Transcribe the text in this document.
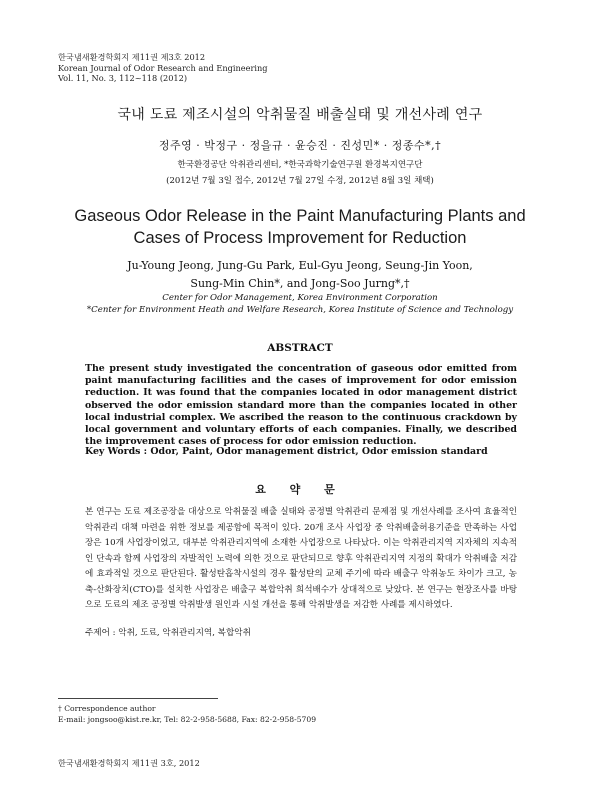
한국냄새환경학회지 제11권 제3호 2012
Korean Journal of Odor Research and Engineering
Vol. 11, No. 3, 112~118 (2012)
국내 도료 제조시설의 악취물질 배출실태 및 개선사례 연구
정주영 · 박정구 · 정을규 · 윤승진 · 진성민* · 정종수*,†
한국환경공단 악취관리센터, *한국과학기술연구원 환경복지연구단
(2012년 7월 3일 접수, 2012년 7월 27일 수정, 2012년 8월 3일 채택)
Gaseous Odor Release in the Paint Manufacturing Plants and
Cases of Process Improvement for Reduction
Ju-Young Jeong, Jung-Gu Park, Eul-Gyu Jeong, Seung-Jin Yoon,
Sung-Min Chin*, and Jong-Soo Jurng*,†
Center for Odor Management, Korea Environment Corporation
*Center for Environment Heath and Welfare Research, Korea Institute of Science and Technology
ABSTRACT
The present study investigated the concentration of gaseous odor emitted from paint manufacturing facilities and the cases of improvement for odor emission reduction. It was found that the companies located in odor management district observed the odor emission standard more than the companies located in other local industrial complex. We ascribed the reason to the continuous crackdown by local government and voluntary efforts of each companies. Finally, we described the improvement cases of process for odor emission reduction.
Key Words : Odor, Paint, Odor management district, Odor emission standard
요 약 문
본 연구는 도료 제조공장을 대상으로 악취물질 배출 실태와 공정별 악취관리 문제점 및 개선사례를 조사여 효율적인 악취관리 대책 마련을 위한 정보를 제공함에 목적이 있다. 20개 조사 사업장 중 악취배출허용기준을 만족하는 사업장은 10개 사업장이었고, 대부분 악취관리지역에 소재한 사업장으로 나타났다. 이는 악취관리지역 지자체의 지속적인 단속과 함께 사업장의 자발적인 노력에 의한 것으로 판단되므로 향후 악취관리지역 지정의 확대가 악취배출 저감에 효과적일 것으로 판단된다. 활성탄흡착시설의 경우 활성탄의 교체 주기에 따라 배출구 악취농도 차이가 크고, 농축-산화장치(CTO)를 설치한 사업장은 배출구 복합악취 희석배수가 상대적으로 낮았다. 본 연구는 현장조사를 바탕으로 도료의 제조 공정별 악취발생 원인과 시설 개선을 통해 악취발생을 저감한 사례를 제시하였다.
주제어 : 악취, 도료, 악취관리지역, 복합악취
† Correspondence author
E-mail: jongsoo@kist.re.kr, Tel: 82-2-958-5688, Fax: 82-2-958-5709
한국냄새환경학회지 제11권 3호, 2012
